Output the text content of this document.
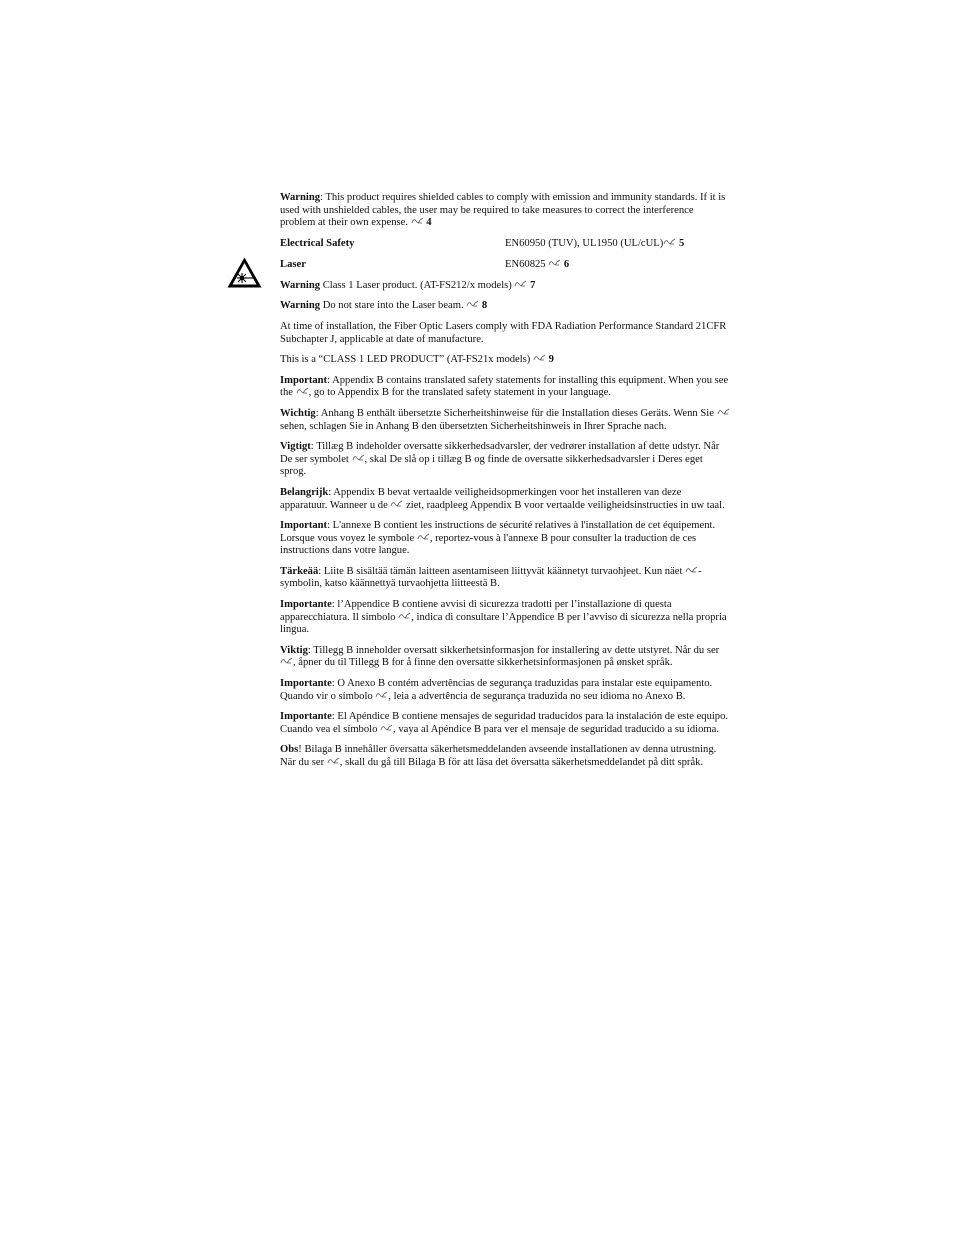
Warning: This product requires shielded cables to comply with emission and immunity standards. If it is used with unshielded cables, the user may be required to take measures to correct the interference problem at their own expense.
4

Electrical Safety	EN60950 (TUV), UL1950 (UL/cUL) 5
Laser	EN60825
6

Warning Class 1 Laser product. (AT-FS212/x models)
7

Warning Do not stare into the Laser beam.
8

At time of installation, the Fiber Optic Lasers comply with FDA Radiation Performance Standard 21CFR Subchapter J, applicable at date of manufacture.

This is a “CLASS 1 LED PRODUCT” (AT-FS21x models)
9

Important: Appendix B contains translated safety statements for installing this equipment. When you see the
, go to Appendix B for the translated safety statement in your language.

Wichtig: Anhang B enthält übersetzte Sicherheitshinweise für die Installation dieses Geräts. Wenn Sie
sehen, schlagen Sie in Anhang B den übersetzten Sicherheitshinweis in Ihrer Sprache nach.

Vigtigt: Tillæg B indeholder oversatte sikkerhedsadvarsler, der vedrører installation af dette udstyr. Når De ser symbolet
, skal De slå op i tillæg B og finde de oversatte sikkerhedsadvarsler i Deres eget sprog.

Belangrijk: Appendix B bevat vertaalde veiligheidsopmerkingen voor het installeren van deze apparatuur. Wanneer u de
ziet, raadpleeg Appendix B voor vertaalde veiligheidsinstructies in uw taal.

Important: L'annexe B contient les instructions de sécurité relatives à l'installation de cet équipement. Lorsque vous voyez le symbole
, reportez-vous à l'annexe B pour consulter la traduction de ces instructions dans votre langue.

Tärkeää: Liite B sisältää tämän laitteen asentamiseen liittyvät käännetyt turvaohjeet. Kun näet
-symbolin, katso käännettyä turvaohjetta liitteestä B.

Importante: l’Appendice B contiene avvisi di sicurezza tradotti per l’installazione di questa apparecchiatura. Il simbolo
, indica di consultare l’Appendice B per l’avviso di sicurezza nella propria lingua.

Viktig: Tillegg B inneholder oversatt sikkerhetsinformasjon for installering av dette utstyret. Når du ser
, åpner du til Tillegg B for å finne den oversatte sikkerhetsinformasjonen på ønsket språk.

Importante: O Anexo B contém advertências de segurança traduzidas para instalar este equipamento. Quando vir o símbolo
, leia a advertência de segurança traduzida no seu idioma no Anexo B.

Importante: El Apéndice B contiene mensajes de seguridad traducidos para la instalación de este equipo. Cuando vea el símbolo
, vaya al Apéndice B para ver el mensaje de seguridad traducido a su idioma.

Obs! Bilaga B innehåller översatta säkerhetsmeddelanden avseende installationen av denna utrustning. När du ser
, skall du gå till Bilaga B för att läsa det översatta säkerhetsmeddelandet på ditt språk.
